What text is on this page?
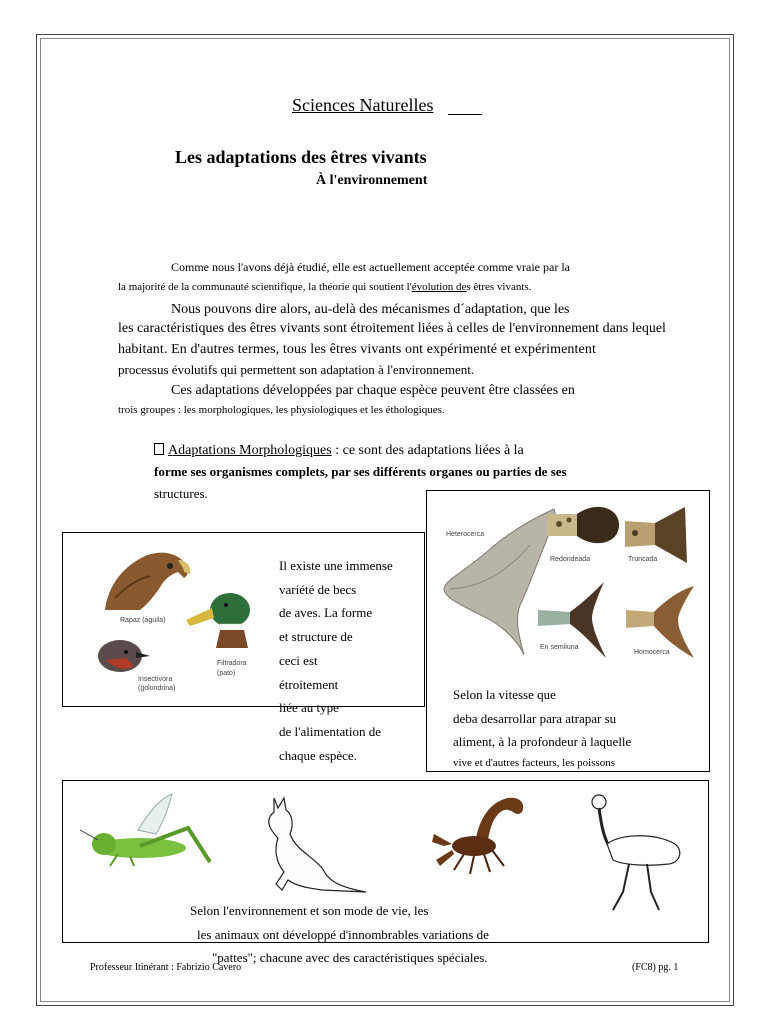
Sciences Naturelles
Les adaptations des êtres vivants
À l'environnement
Comme nous l'avons déjà étudié, elle est actuellement acceptée comme vraie par la
la majorité de la communauté scientifique, la théorie qui soutient l'évolution des êtres vivants.
Nous pouvons dire alors, au-delà des mécanismes d´adaptation, que les
les caractéristiques des êtres vivants sont étroitement liées à celles de l'environnement dans lequel
habitant. En d'autres termes, tous les êtres vivants ont expérimenté et expérimentent
processus évolutifs qui permettent son adaptation à l'environnement.
Ces adaptations développées par chaque espèce peuvent être classées en
trois groupes : les morphologiques, les physiologiques et les éthologiques.
Adaptations Morphologiques : ce sont des adaptations liées à la
forme ses organismes complets, par ses différents organes ou parties de ses
structures.
Rapaz (águila)
Filtradora
(pato)
Insectívora
(golondrina)
Il existe une immense
variété de becs
de aves. La forme
et structure de
ceci est
étroitement
liée au type
de l'alimentation de
chaque espèce.
Heterocerca
Redondeada	Truncada
En semiluna
Homocerca
Selon la vitesse que
deba desarrollar para atrapar su
aliment, à la profondeur à laquelle
vive et d'autres facteurs, les poissons
Selon l'environnement et son mode de vie, les
les animaux ont développé d'innombrables variations de
"pattes"; chacune avec des caractéristiques spéciales.
Professeur Itinérant : Fabrizio Cavero	(FC8) pg. 1
